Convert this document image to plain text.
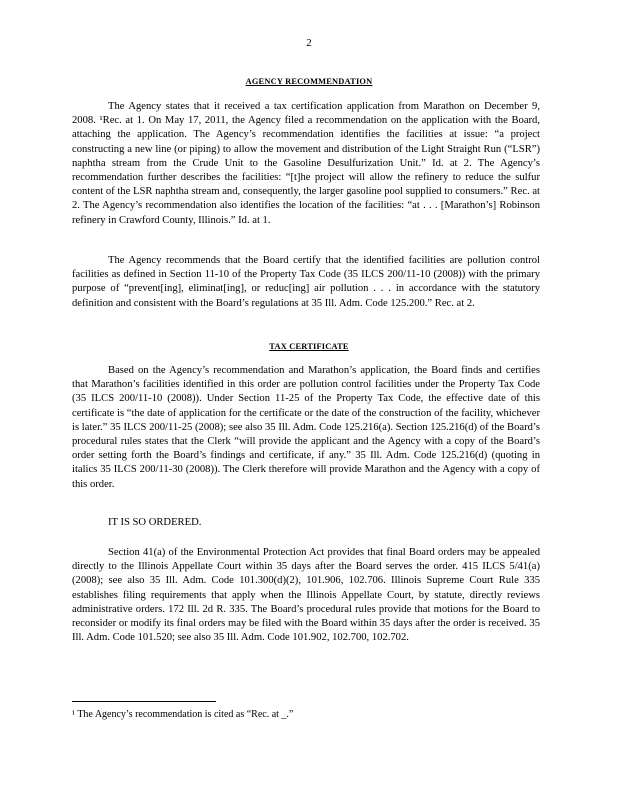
2
AGENCY RECOMMENDATION
The Agency states that it received a tax certification application from Marathon on December 9, 2008. ¹Rec. at 1. On May 17, 2011, the Agency filed a recommendation on the application with the Board, attaching the application. The Agency’s recommendation identifies the facilities at issue: “a project constructing a new line (or piping) to allow the movement and distribution of the Light Straight Run (“LSR”) naphtha stream from the Crude Unit to the Gasoline Desulfurization Unit.” Id. at 2. The Agency’s recommendation further describes the facilities: “[t]he project will allow the refinery to reduce the sulfur content of the LSR naphtha stream and, consequently, the larger gasoline pool supplied to consumers.” Rec. at 2. The Agency’s recommendation also identifies the location of the facilities: “at . . . [Marathon’s] Robinson refinery in Crawford County, Illinois.” Id. at 1.
The Agency recommends that the Board certify that the identified facilities are pollution control facilities as defined in Section 11-10 of the Property Tax Code (35 ILCS 200/11-10 (2008)) with the primary purpose of “prevent[ing], eliminat[ing], or reduc[ing] air pollution . . . in accordance with the statutory definition and consistent with the Board’s regulations at 35 Ill. Adm. Code 125.200.” Rec. at 2.
TAX CERTIFICATE
Based on the Agency’s recommendation and Marathon’s application, the Board finds and certifies that Marathon’s facilities identified in this order are pollution control facilities under the Property Tax Code (35 ILCS 200/11-10 (2008)). Under Section 11-25 of the Property Tax Code, the effective date of this certificate is “the date of application for the certificate or the date of the construction of the facility, whichever is later.” 35 ILCS 200/11-25 (2008); see also 35 Ill. Adm. Code 125.216(a). Section 125.216(d) of the Board’s procedural rules states that the Clerk “will provide the applicant and the Agency with a copy of the Board’s order setting forth the Board’s findings and certificate, if any.” 35 Ill. Adm. Code 125.216(d) (quoting in italics 35 ILCS 200/11-30 (2008)). The Clerk therefore will provide Marathon and the Agency with a copy of this order.
IT IS SO ORDERED.
Section 41(a) of the Environmental Protection Act provides that final Board orders may be appealed directly to the Illinois Appellate Court within 35 days after the Board serves the order. 415 ILCS 5/41(a) (2008); see also 35 Ill. Adm. Code 101.300(d)(2), 101.906, 102.706. Illinois Supreme Court Rule 335 establishes filing requirements that apply when the Illinois Appellate Court, by statute, directly reviews administrative orders. 172 Ill. 2d R. 335. The Board’s procedural rules provide that motions for the Board to reconsider or modify its final orders may be filed with the Board within 35 days after the order is received. 35 Ill. Adm. Code 101.520; see also 35 Ill. Adm. Code 101.902, 102.700, 102.702.
¹ The Agency’s recommendation is cited as “Rec. at _.”
